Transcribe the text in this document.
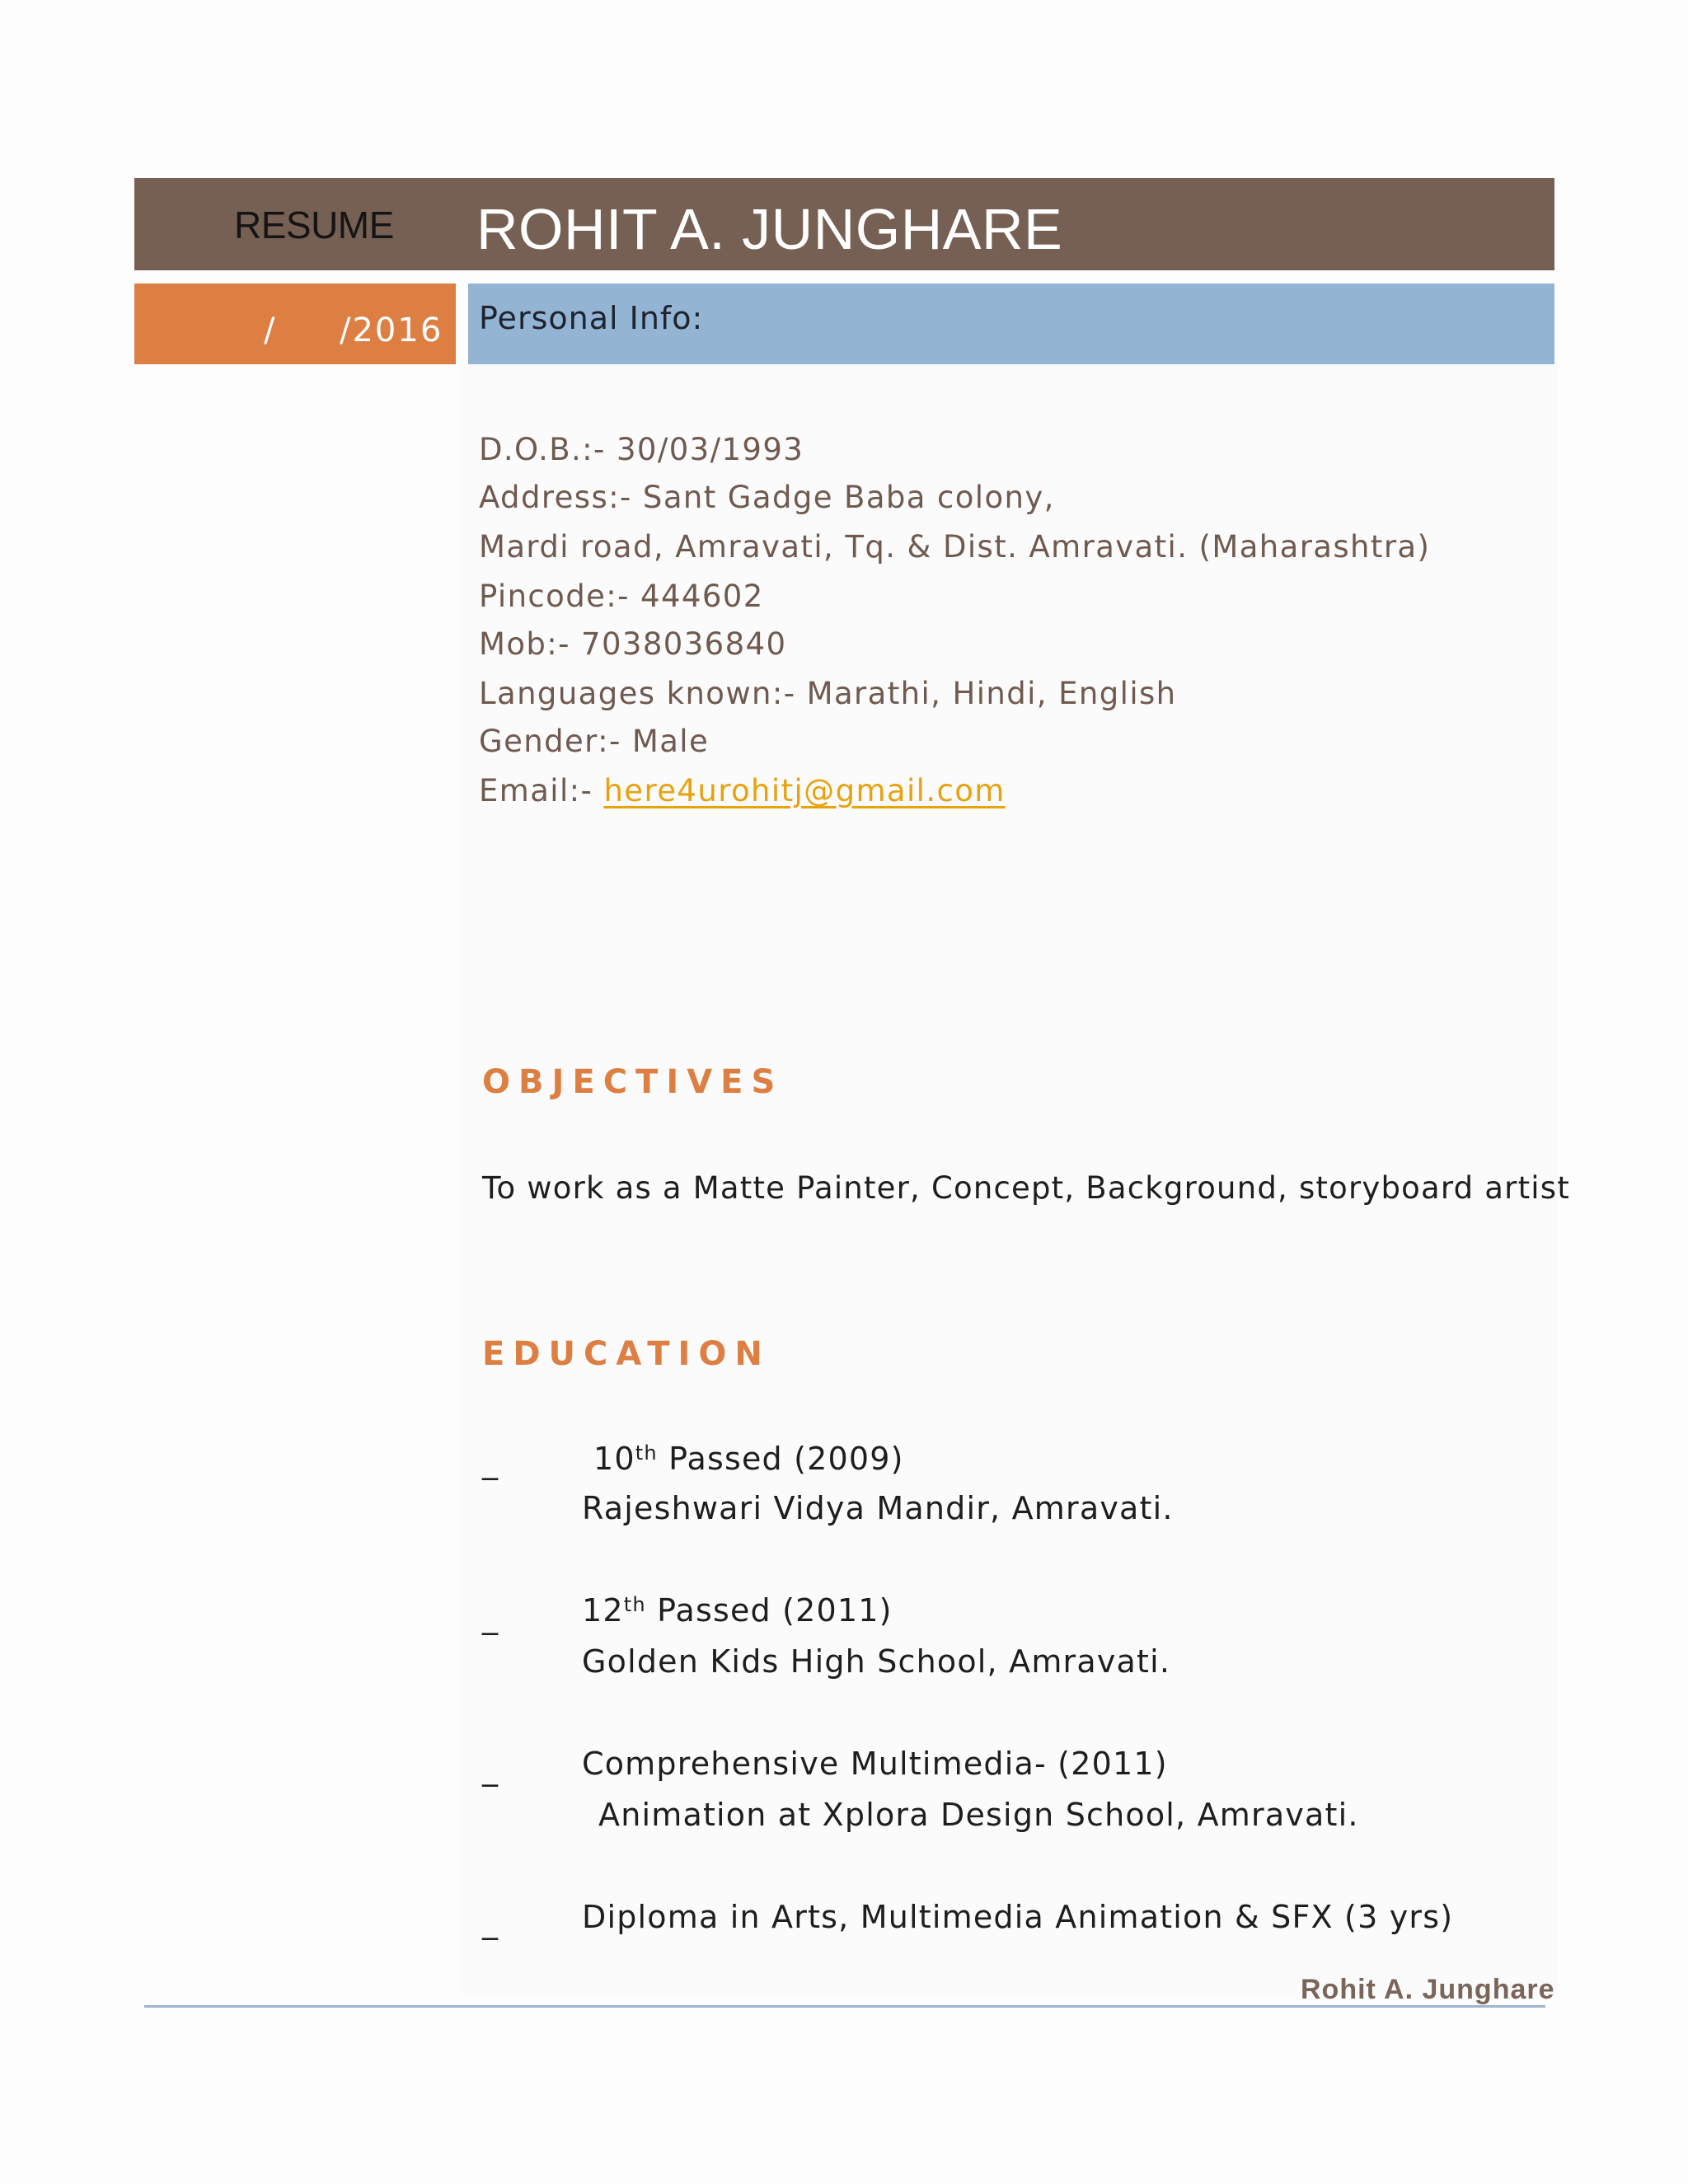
RESUME ROHIT A. JUNGHARE
/ /2016 Personal Info:
D.O.B.:- 30/03/1993
Address:- Sant Gadge Baba colony,
Mardi road, Amravati, Tq. & Dist. Amravati. (Maharashtra)
Pincode:- 444602
Mob:- 7038036840
Languages known:- Marathi, Hindi, English
Gender:- Male
Email:- here4urohitj@gmail.com
OBJECTIVES
To work as a Matte Painter, Concept, Background, storyboard artist
EDUCATION
_	10th Passed (2009)
Rajeshwari Vidya Mandir, Amravati.
_	12th Passed (2011)
Golden Kids High School, Amravati.
_	Comprehensive Multimedia- (2011)
Animation at Xplora Design School, Amravati.
_	Diploma in Arts, Multimedia Animation & SFX (3 yrs)
Rohit A. Junghare
